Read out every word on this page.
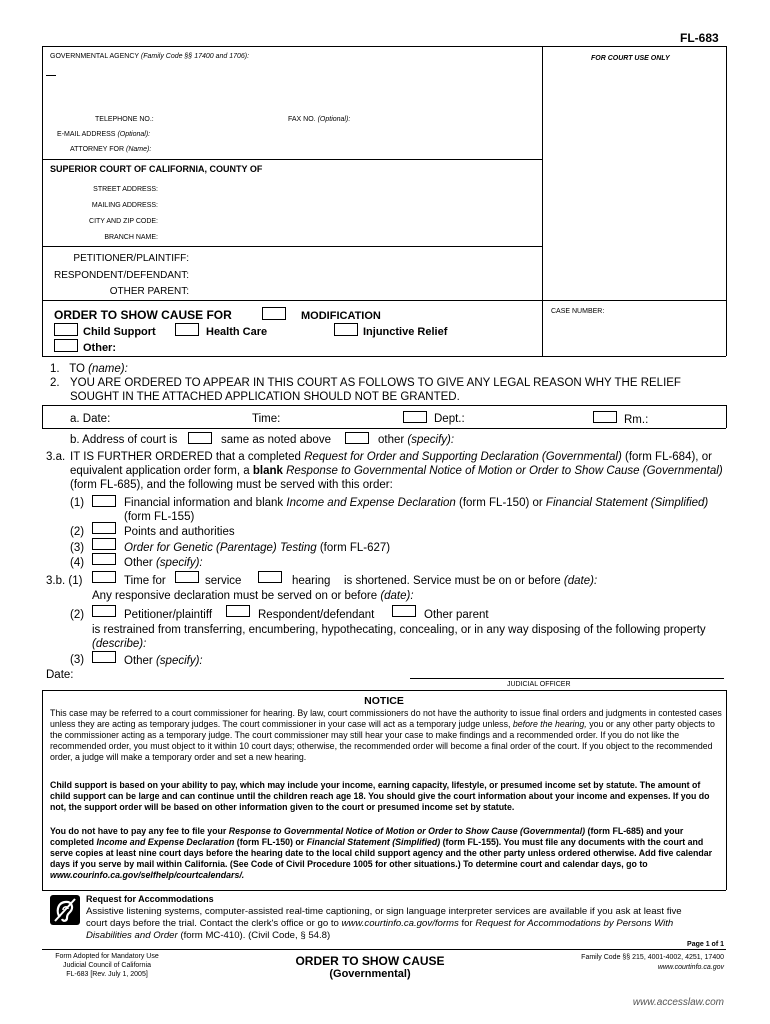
FL-683
GOVERNMENTAL AGENCY (Family Code §§ 17400 and 1706):	FOR COURT USE ONLY
TELEPHONE NO.:	FAX NO. (Optional):
E-MAIL ADDRESS (Optional):
ATTORNEY FOR (Name):
SUPERIOR COURT OF CALIFORNIA, COUNTY OF
STREET ADDRESS:
MAILING ADDRESS:
CITY AND ZIP CODE:
BRANCH NAME:
PETITIONER/PLAINTIFF:
RESPONDENT/DEFENDANT:
OTHER PARENT:
CASE NUMBER:
ORDER TO SHOW CAUSE FOR	MODIFICATION
Child Support	Health Care	Injunctive Relief
Other:
1. TO (name):
2. YOU ARE ORDERED TO APPEAR IN THIS COURT AS FOLLOWS TO GIVE ANY LEGAL REASON WHY THE RELIEF
SOUGHT IN THE ATTACHED APPLICATION SHOULD NOT BE GRANTED.
a. Date:	Time:	Dept.:	Rm.:
b. Address of court is	same as noted above	other (specify):
3.a. IT IS FURTHER ORDERED that a completed Request for Order and Supporting Declaration (Governmental) (form FL-684), or
equivalent application order form, a blank Response to Governmental Notice of Motion or Order to Show Cause (Governmental)
(form FL-685), and the following must be served with this order:
(1)	Financial information and blank Income and Expense Declaration (form FL-150) or Financial Statement (Simplified)
(form FL-155)
(2)	Points and authorities
(3)	Order for Genetic (Parentage) Testing (form FL-627)
(4)	Other (specify):
3.b. (1)	Time for	service	hearing is shortened. Service must be on or before (date):
Any responsive declaration must be served on or before (date):
(2)	Petitioner/plaintiff	Respondent/defendant	Other parent
is restrained from transferring, encumbering, hypothecating, concealing, or in any way disposing of the following property
(describe):
(3)	Other (specify):
Date:
JUDICIAL OFFICER
NOTICE
This case may be referred to a court commissioner for hearing. By law, court commissioners do not have the authority to issue final orders and judgments in contested cases unless they are acting as temporary judges. The court commissioner in your case will act as a temporary judge unless, before the hearing, you or any other party objects to the commissioner acting as a temporary judge. The court commissioner may still hear your case to make findings and a recommended order. If you do not like the recommended order, you must object to it within 10 court days; otherwise, the recommended order will become a final order of the court. If you object to the recommended order, a judge will make a temporary order and set a new hearing.
Child support is based on your ability to pay, which may include your income, earning capacity, lifestyle, or presumed income set by statute. The amount of child support can be large and can continue until the children reach age 18. You should give the court information about your income and expenses. If you do not, the support order will be based on other information given to the court or presumed income set by statute.
You do not have to pay any fee to file your Response to Governmental Notice of Motion or Order to Show Cause (Governmental) (form FL-685) and your completed Income and Expense Declaration (form FL-150) or Financial Statement (Simplified) (form FL-155). You must file any documents with the court and serve copies at least nine court days before the hearing date to the local child support agency and the other party unless ordered otherwise. Add five calendar days if you serve by mail within California. (See Code of Civil Procedure 1005 for other situations.) To determine court and calendar days, go to www.courinfo.ca.gov/selfhelp/courtcalendars/.
Request for Accommodations
Assistive listening systems, computer-assisted real-time captioning, or sign language interpreter services are available if you ask at least five
court days before the trial. Contact the clerk's office or go to www.courtinfo.ca.gov/forms for Request for Accommodations by Persons With
Disabilities and Order (form MC-410). (Civil Code, § 54.8)
Page 1 of 1
Form Adopted for Mandatory Use
Judicial Council of California
FL-683 [Rev. July 1, 2005]
ORDER TO SHOW CAUSE
(Governmental)
Family Code §§ 215, 4001-4002, 4251, 17400
www.courtinfo.ca.gov
www.accesslaw.com
